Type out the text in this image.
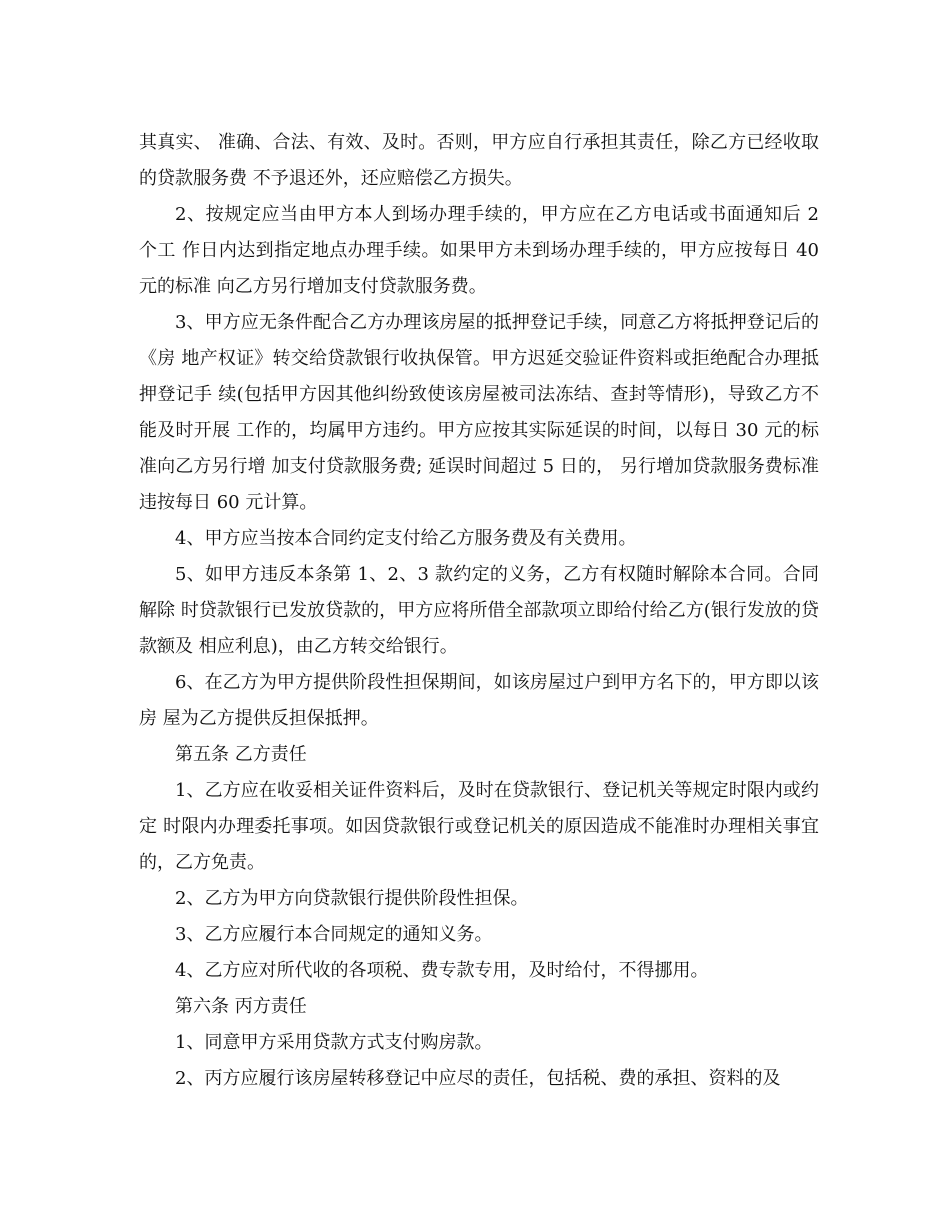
其真实、 准确、合法、有效、及时。否则，甲方应自行承担其责任，除乙方已经收取的贷款服务费 不予退还外，还应赔偿乙方损失。

2、按规定应当由甲方本人到场办理手续的，甲方应在乙方电话或书面通知后 2 个工 作日内达到指定地点办理手续。如果甲方未到场办理手续的，甲方应按每日 40 元的标准 向乙方另行增加支付贷款服务费。

3、甲方应无条件配合乙方办理该房屋的抵押登记手续，同意乙方将抵押登记后的《房 地产权证》转交给贷款银行收执保管。甲方迟延交验证件资料或拒绝配合办理抵押登记手 续(包括甲方因其他纠纷致使该房屋被司法冻结、查封等情形)，导致乙方不能及时开展 工作的，均属甲方违约。甲方应按其实际延误的时间，以每日 30 元的标准向乙方另行增 加支付贷款服务费; 延误时间超过 5 日的， 另行增加贷款服务费标准违按每日 60 元计算。

4、甲方应当按本合同约定支付给乙方服务费及有关费用。

5、如甲方违反本条第 1、2、3 款约定的义务，乙方有权随时解除本合同。合同解除 时贷款银行已发放贷款的，甲方应将所借全部款项立即给付给乙方(银行发放的贷款额及 相应利息)，由乙方转交给银行。

6、在乙方为甲方提供阶段性担保期间，如该房屋过户到甲方名下的，甲方即以该房 屋为乙方提供反担保抵押。

第五条 乙方责任

1、乙方应在收妥相关证件资料后，及时在贷款银行、登记机关等规定时限内或约定 时限内办理委托事项。如因贷款银行或登记机关的原因造成不能准时办理相关事宜的，乙方免责。

2、乙方为甲方向贷款银行提供阶段性担保。

3、乙方应履行本合同规定的通知义务。

4、乙方应对所代收的各项税、费专款专用，及时给付，不得挪用。

第六条 丙方责任

1、同意甲方采用贷款方式支付购房款。

2、丙方应履行该房屋转移登记中应尽的责任，包括税、费的承担、资料的及
